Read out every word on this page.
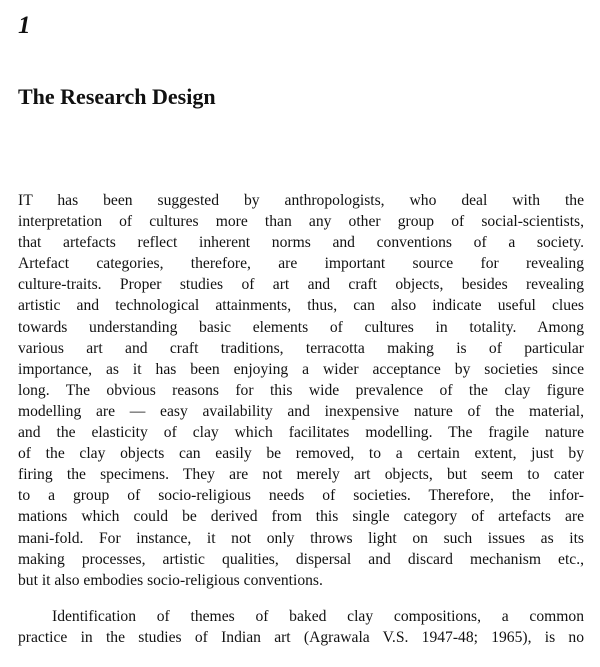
1
The Research Design
IT has been suggested by anthropologists, who deal with the
interpretation of cultures more than any other group of social-scientists,
that artefacts reflect inherent norms and conventions of a society.
Artefact categories, therefore, are important source for revealing
culture-traits. Proper studies of art and craft objects, besides revealing
artistic and technological attainments, thus, can also indicate useful clues
towards understanding basic elements of cultures in totality. Among
various art and craft traditions, terracotta making is of particular
importance, as it has been enjoying a wider acceptance by societies since
long. The obvious reasons for this wide prevalence of the clay figure
modelling are — easy availability and inexpensive nature of the material,
and the elasticity of clay which facilitates modelling. The fragile nature
of the clay objects can easily be removed, to a certain extent, just by
firing the specimens. They are not merely art objects, but seem to cater
to a group of socio-religious needs of societies. Therefore, the infor-
mations which could be derived from this single category of artefacts are
mani-fold. For instance, it not only throws light on such issues as its
making processes, artistic qualities, dispersal and discard mechanism etc.,
but it also embodies socio-religious conventions.
Identification of themes of baked clay compositions, a common
practice in the studies of Indian art (Agrawala V.S. 1947-48; 1965), is no
